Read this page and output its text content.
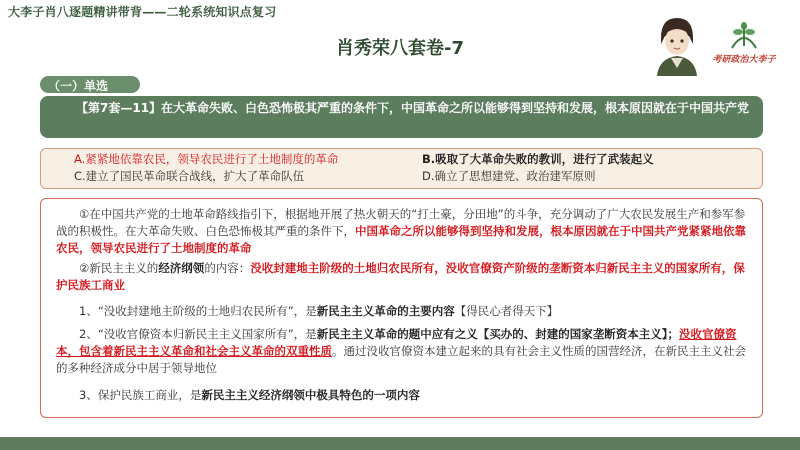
大李子肖八逐题精讲带背——二轮系统知识点复习
肖秀荣八套卷-7
考研政治大李子
（一）单选
【第7套—11】在大革命失败、白色恐怖极其严重的条件下，中国革命之所以能够得到坚持和发展，根本原因就在于中国共产党
A.紧紧地依靠农民，领导农民进行了土地制度的革命	B.吸取了大革命失败的教训，进行了武装起义
C.建立了国民革命联合战线，扩大了革命队伍	D.确立了思想建党、政治建军原则
①在中国共产党的土地革命路线指引下，根据地开展了热火朝天的“打土豪，分田地”的斗争，充分调动了广大农民发展生产和参军参战的积极性。在大革命失败、白色恐怖极其严重的条件下，中国革命之所以能够得到坚持和发展，根本原因就在于中国共产党紧紧地依靠农民，领导农民进行了土地制度的革命
②新民主主义的经济纲领的内容：没收封建地主阶级的土地归农民所有，没收官僚资产阶级的垄断资本归新民主主义的国家所有，保护民族工商业
1、“没收封建地主阶级的土地归农民所有”，是新民主主义革命的主要内容【得民心者得天下】
2、“没收官僚资本归新民主主义国家所有”，是新民主主义革命的题中应有之义【买办的、封建的国家垄断资本主义】；没收官僚资本，包含着新民主主义革命和社会主义革命的双重性质。通过没收官僚资本建立起来的具有社会主义性质的国营经济，在新民主主义社会的多种经济成分中居于领导地位
3、保护民族工商业，是新民主主义经济纲领中极具特色的一项内容
